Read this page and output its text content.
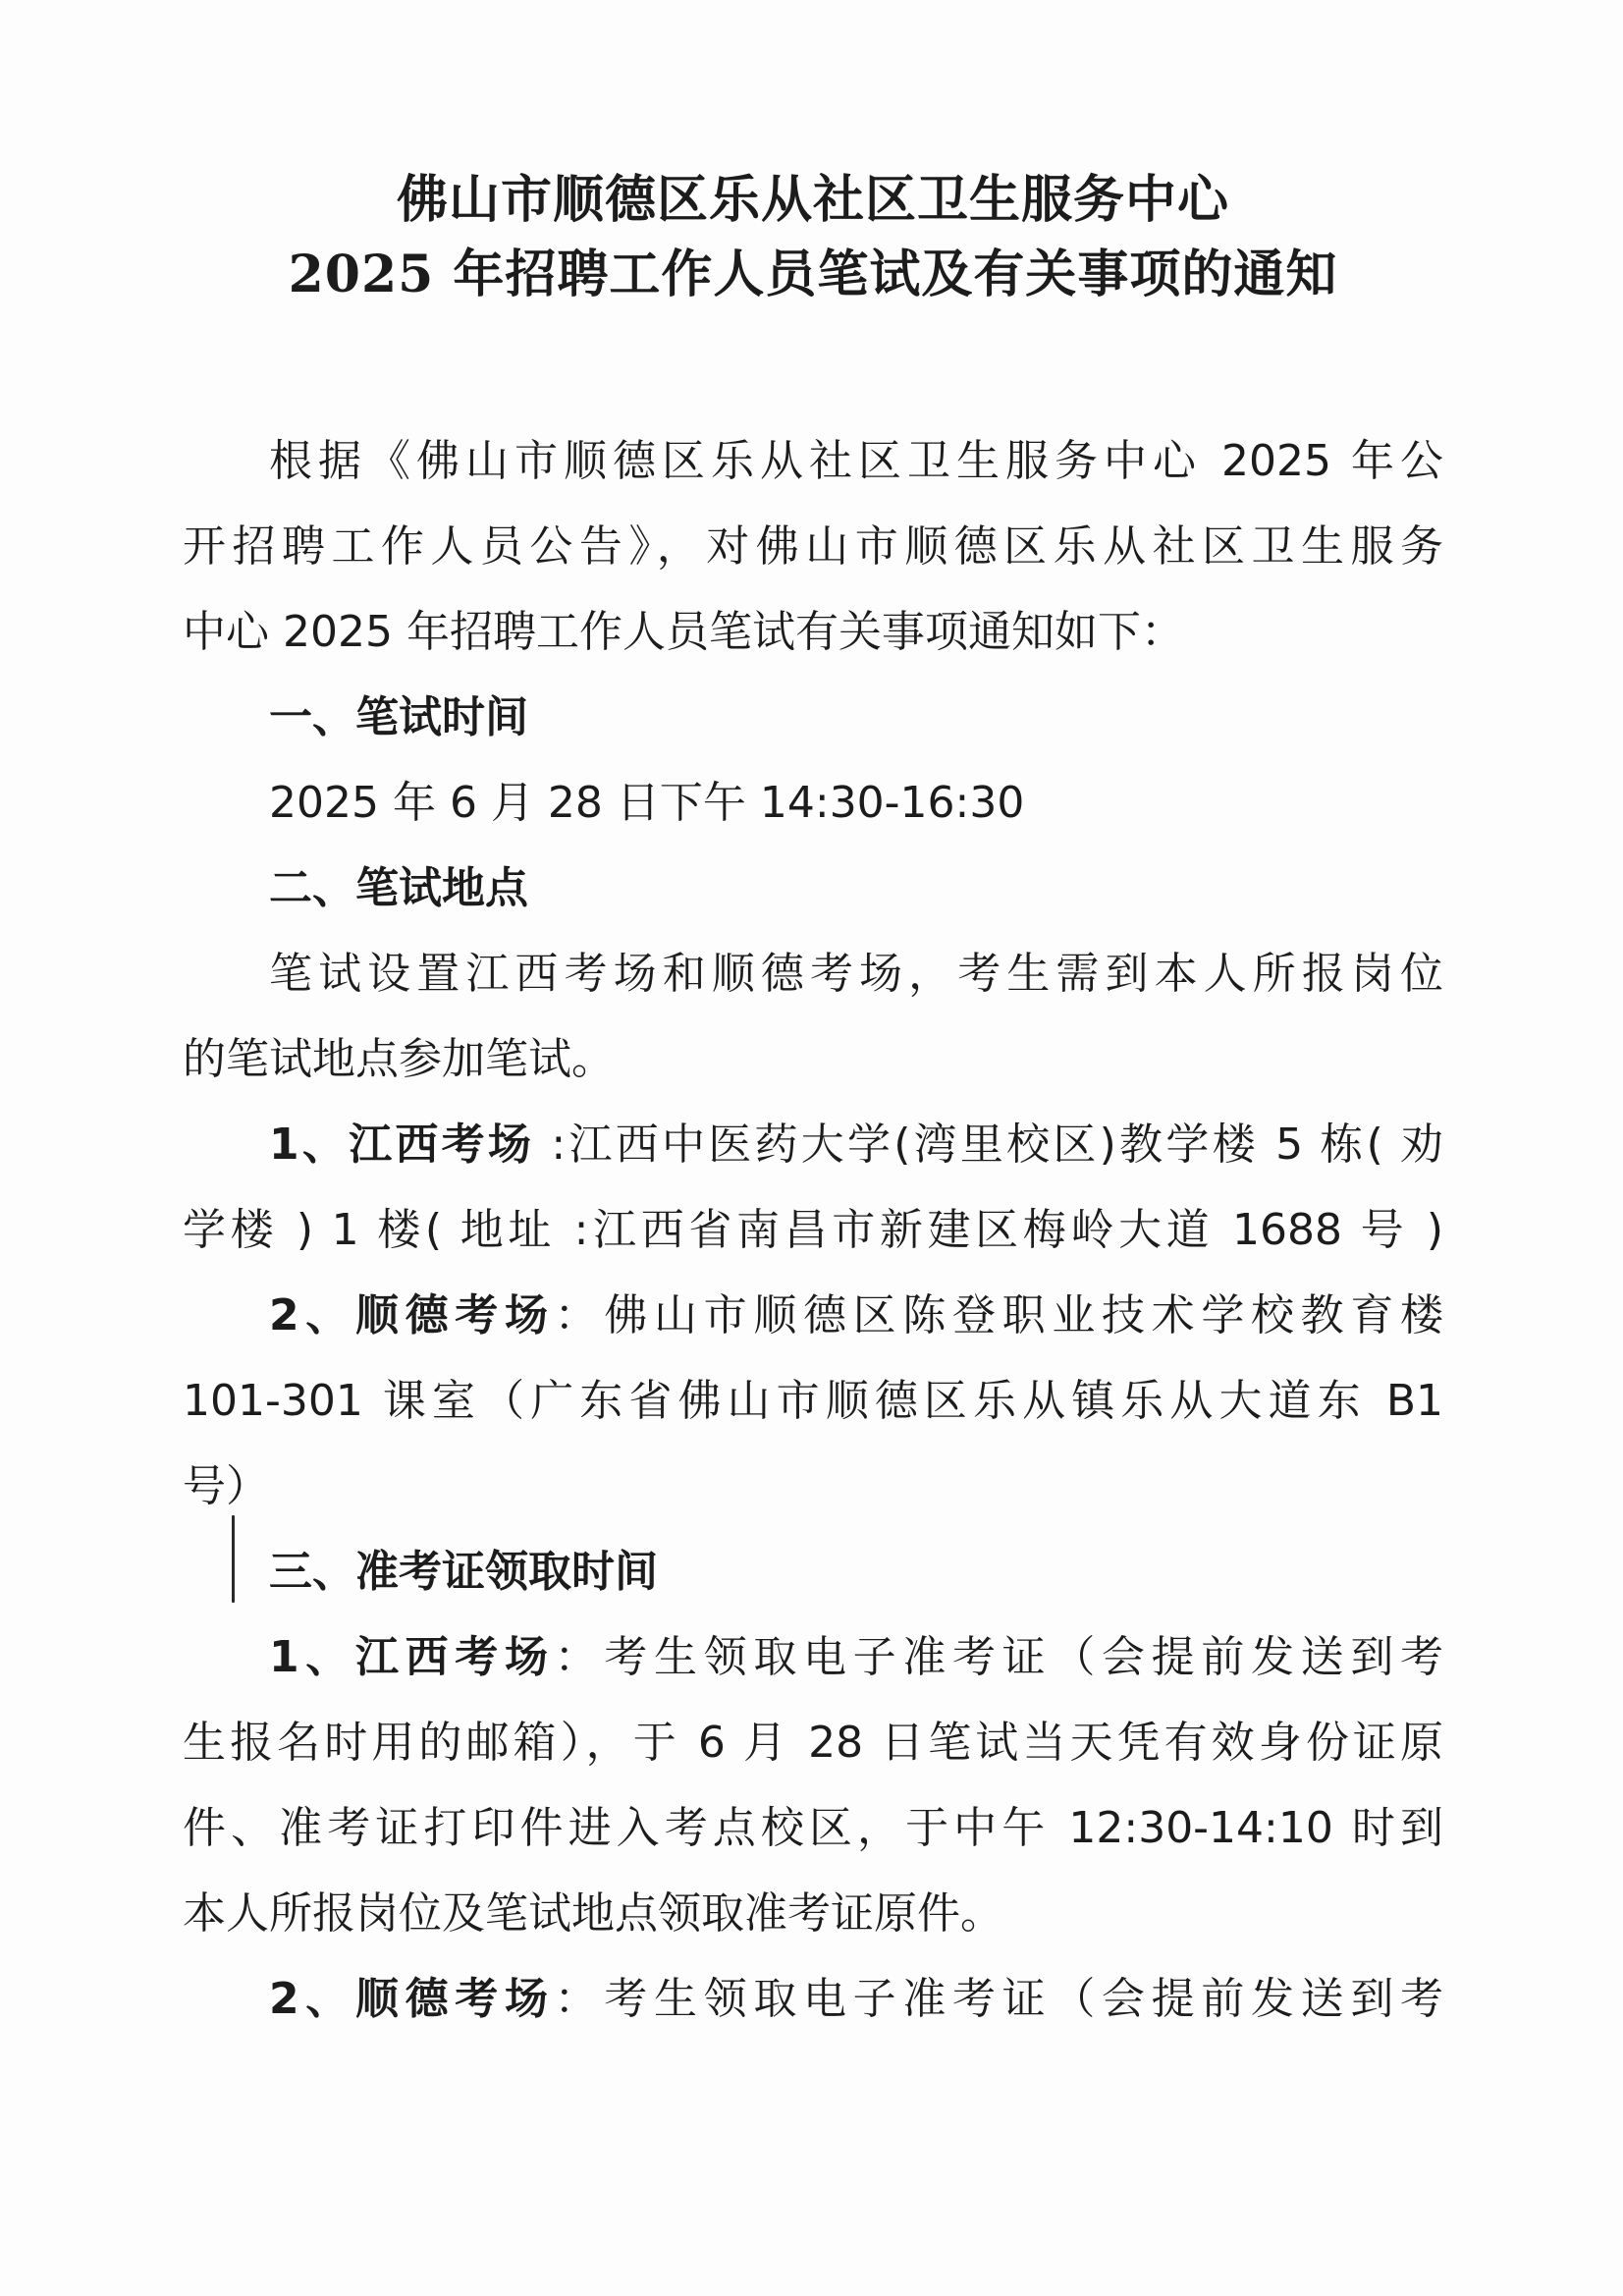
佛山市顺德区乐从社区卫生服务中心
2025 年招聘工作人员笔试及有关事项的通知
根据《佛山市顺德区乐从社区卫生服务中心 2025 年公
开招聘工作人员公告》，对佛山市顺德区乐从社区卫生服务
中心 2025 年招聘工作人员笔试有关事项通知如下：
一、笔试时间
2025 年 6 月 28 日下午 14:30-16:30
二、笔试地点
笔试设置江西考场和顺德考场，考生需到本人所报岗位
的笔试地点参加笔试。
1、江西考场 :江西中医药大学(湾里校区)教学楼 5 栋( 劝
学楼 ) 1 楼( 地址 :江西省南昌市新建区梅岭大道 1688 号 )
2、顺德考场：佛山市顺德区陈登职业技术学校教育楼
101-301 课室（广东省佛山市顺德区乐从镇乐从大道东 B1
号）
三、准考证领取时间
1、江西考场：考生领取电子准考证（会提前发送到考
生报名时用的邮箱），于 6 月 28 日笔试当天凭有效身份证原
件、准考证打印件进入考点校区，于中午 12:30-14:10 时到
本人所报岗位及笔试地点领取准考证原件。
2、顺德考场：考生领取电子准考证（会提前发送到考
